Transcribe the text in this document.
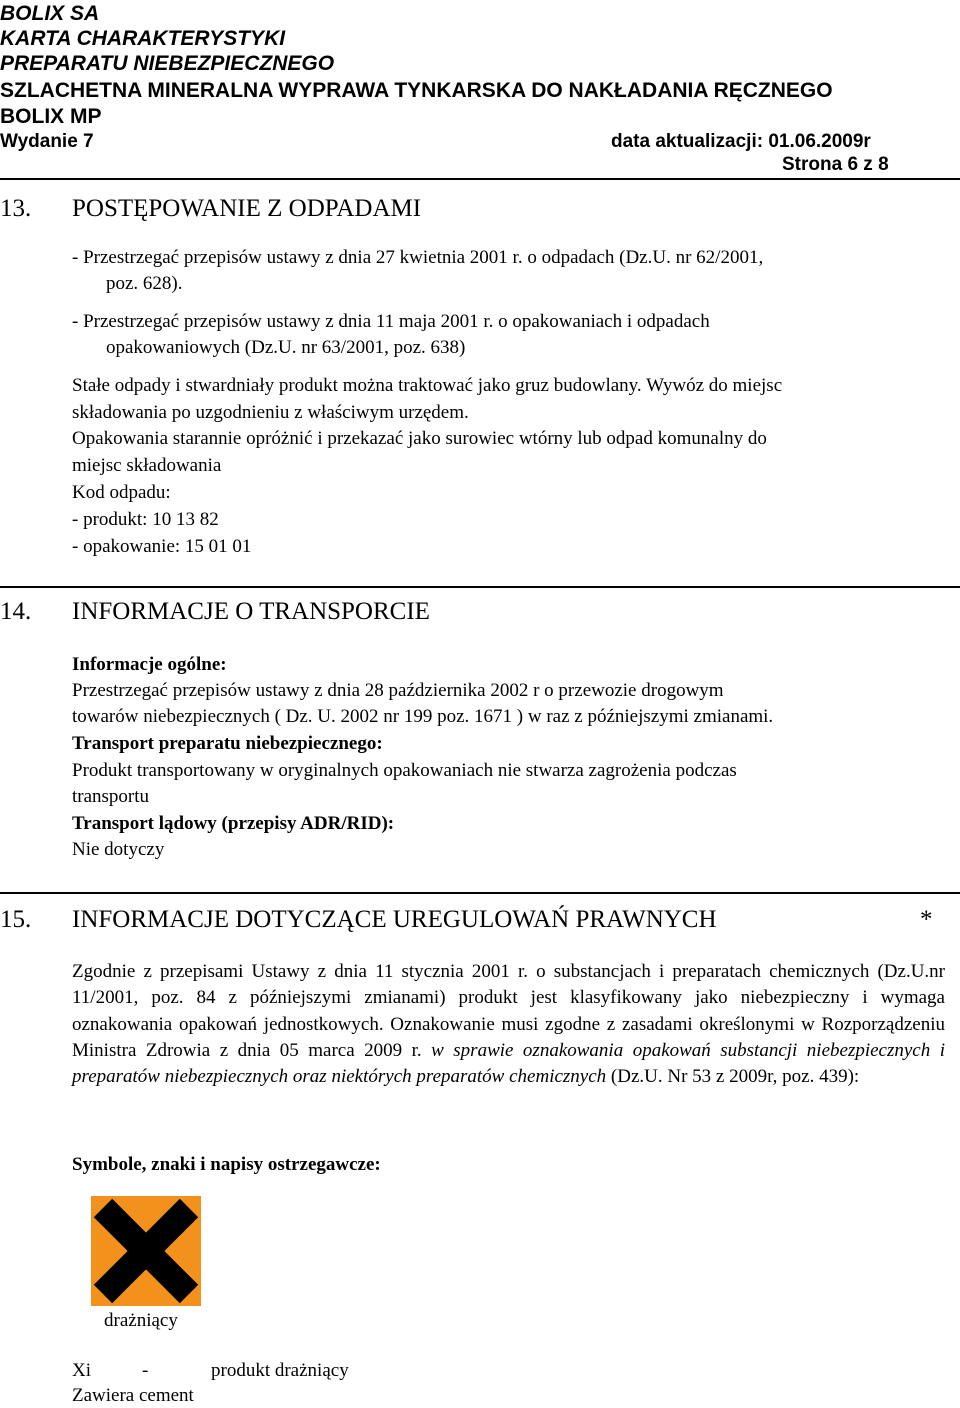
BOLIX SA
KARTA CHARAKTERYSTYKI
PREPARATU NIEBEZPIECZNEGO
SZLACHETNA MINERALNA WYPRAWA TYNKARSKA DO NAKŁADANIA RĘCZNEGO
BOLIX MP
Wydanie 7	data aktualizacji: 01.06.2009r
Strona 6 z 8
13. POSTĘPOWANIE Z ODPADAMI
- Przestrzegać przepisów ustawy z dnia 27 kwietnia 2001 r. o odpadach (Dz.U. nr 62/2001,
poz. 628).
- Przestrzegać przepisów ustawy z dnia 11 maja 2001 r. o opakowaniach i odpadach
opakowaniowych (Dz.U. nr 63/2001, poz. 638)
Stałe odpady i stwardniały produkt można traktować jako gruz budowlany. Wywóz do miejsc
składowania po uzgodnieniu z właściwym urzędem.
Opakowania starannie opróżnić i przekazać jako surowiec wtórny lub odpad komunalny do
miejsc składowania
Kod odpadu:
- produkt: 10 13 82
- opakowanie: 15 01 01
14. INFORMACJE O TRANSPORCIE
Informacje ogólne:
Przestrzegać przepisów ustawy z dnia 28 października 2002 r o przewozie drogowym
towarów niebezpiecznych ( Dz. U. 2002 nr 199 poz. 1671 ) w raz z późniejszymi zmianami.
Transport preparatu niebezpiecznego:
Produkt transportowany w oryginalnych opakowaniach nie stwarza zagrożenia podczas
transportu
Transport lądowy (przepisy ADR/RID):
Nie dotyczy
15. INFORMACJE DOTYCZĄCE UREGULOWAŃ PRAWNYCH	*
Zgodnie z przepisami Ustawy z dnia 11 stycznia 2001 r. o substancjach i preparatach chemicznych (Dz.U.nr 11/2001, poz. 84 z późniejszymi zmianami) produkt jest klasyfikowany jako niebezpieczny i wymaga oznakowania opakowań jednostkowych. Oznakowanie musi zgodne z zasadami określonymi w Rozporządzeniu Ministra Zdrowia z dnia 05 marca 2009 r. w sprawie oznakowania opakowań substancji niebezpiecznych i preparatów niebezpiecznych oraz niektórych preparatów chemicznych (Dz.U. Nr 53 z 2009r, poz. 439):
Symbole, znaki i napisy ostrzegawcze:
drażniący
Xi	-	produkt drażniący
Zawiera cement
